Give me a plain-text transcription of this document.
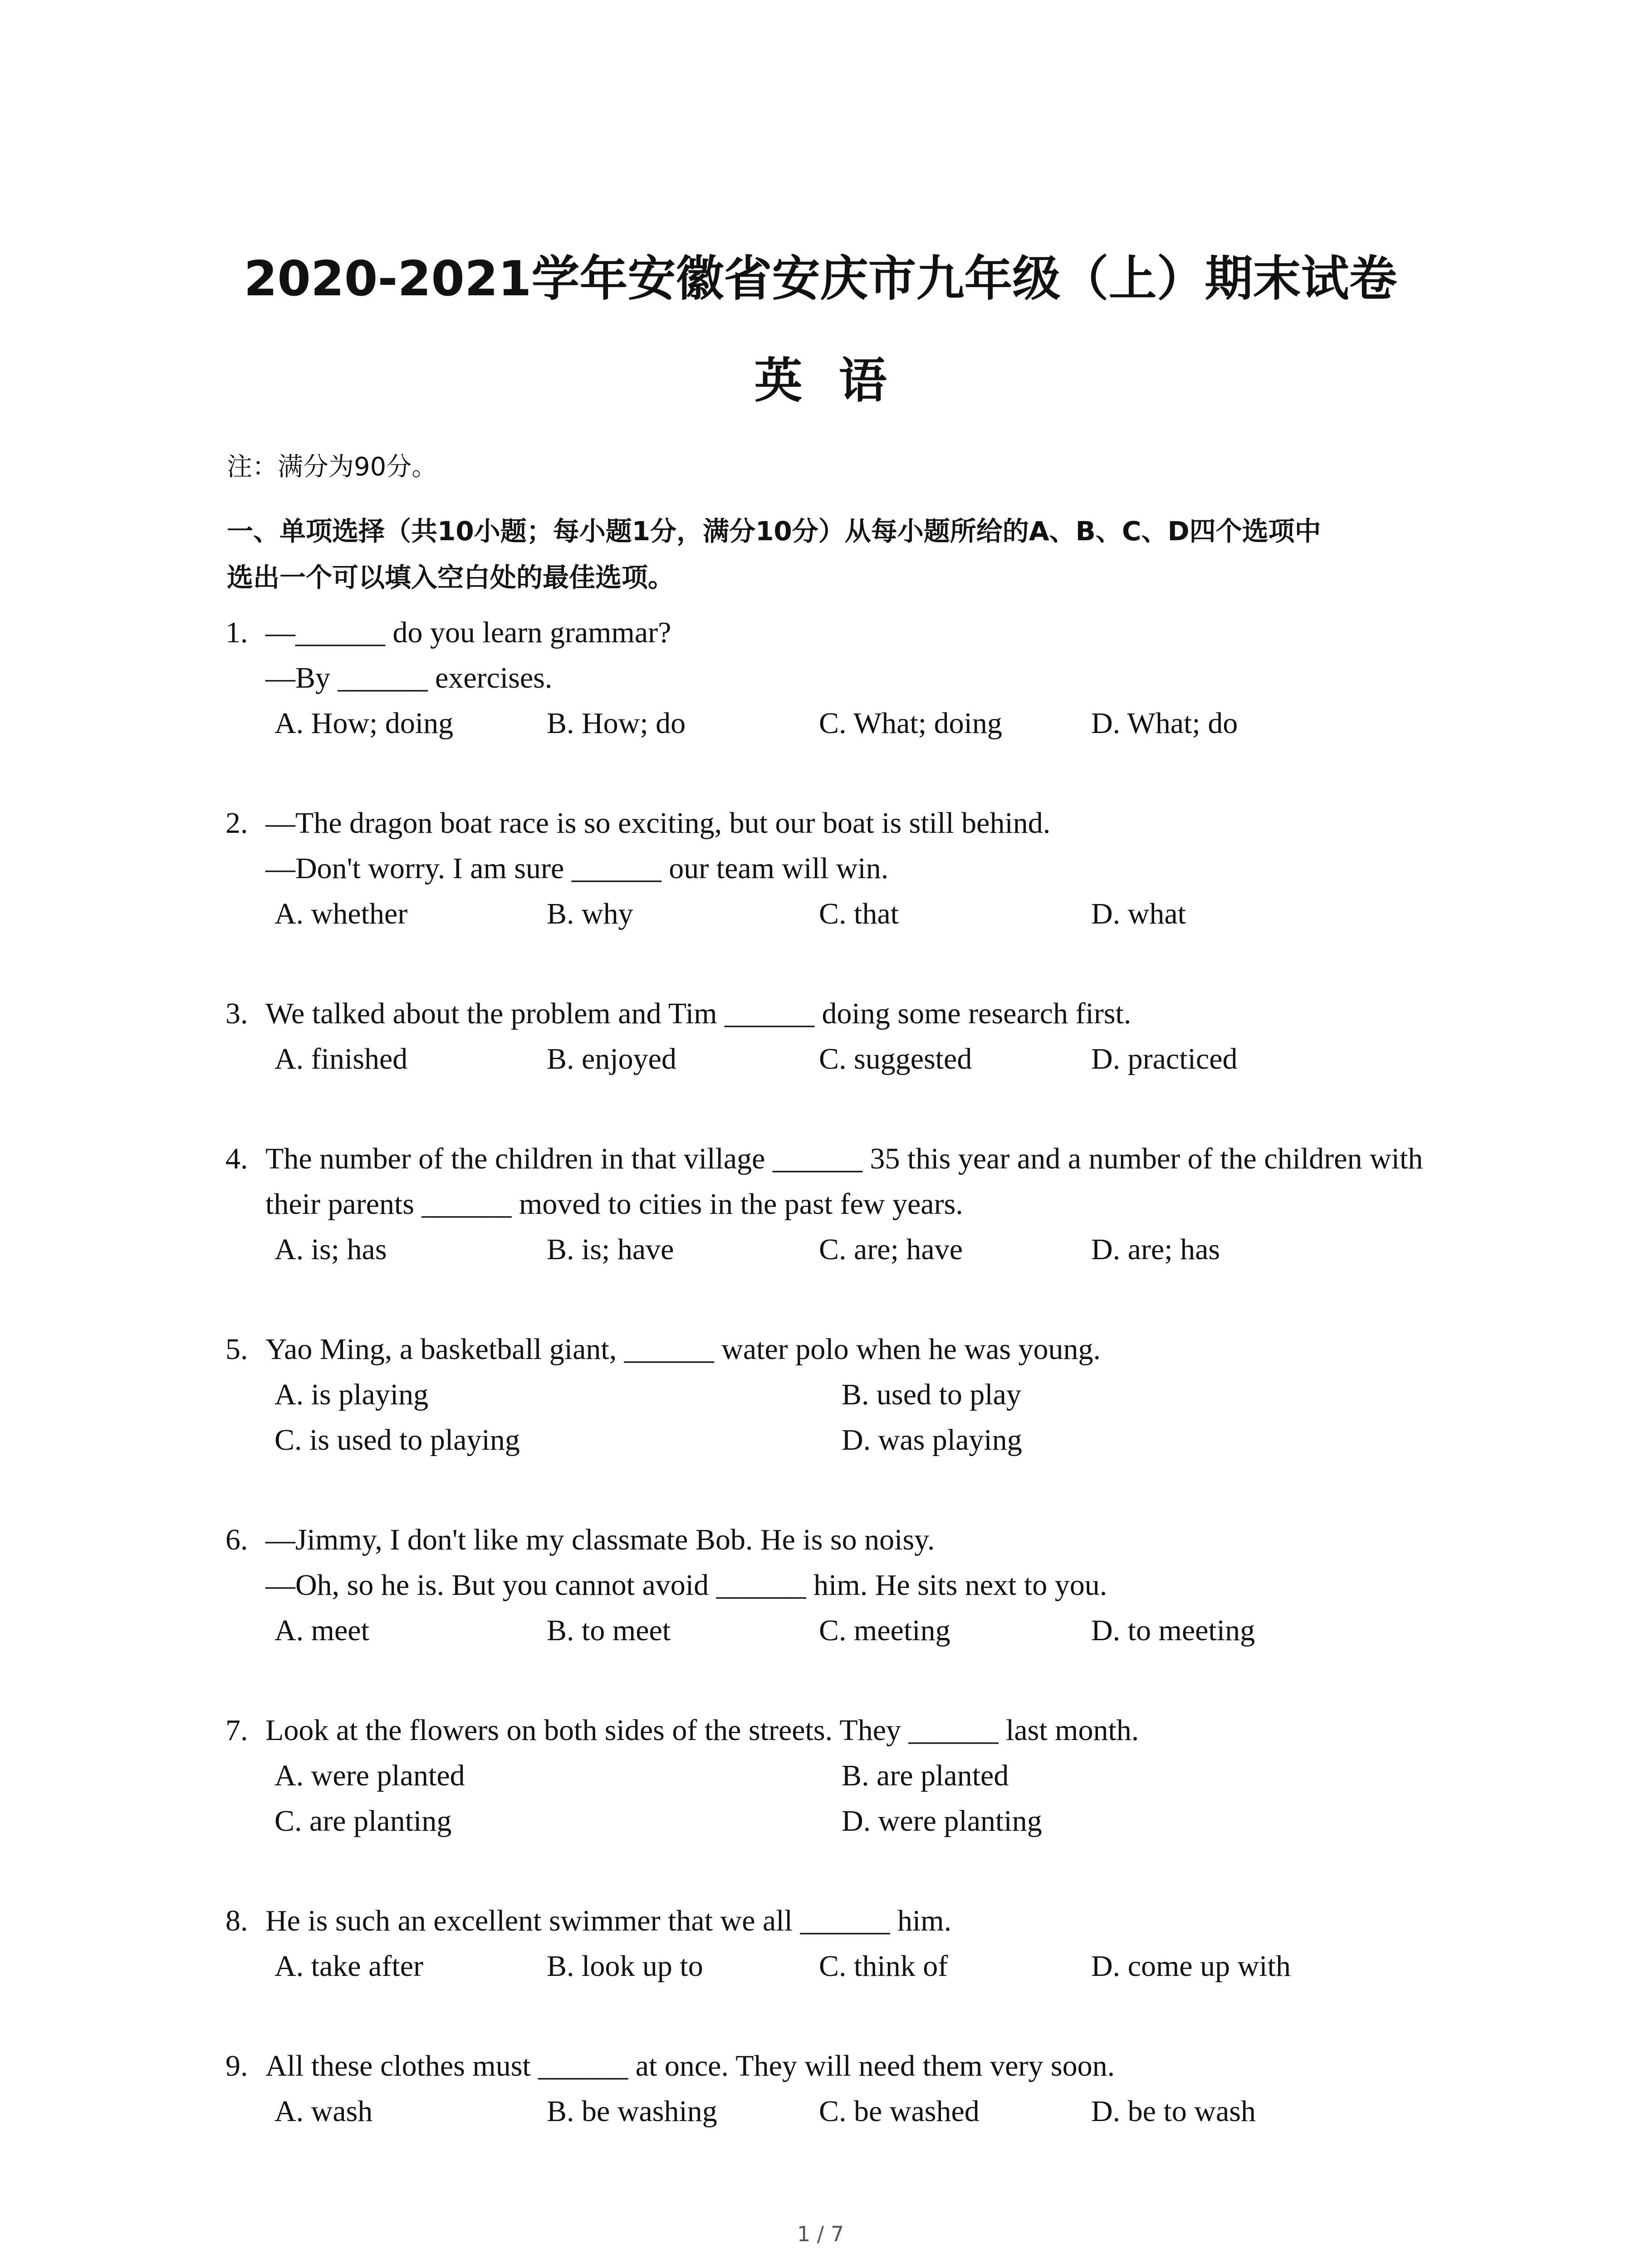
2020-2021学年安徽省安庆市九年级（上）期末试卷
英语
注：满分为90分。
一、单项选择（共10小题；每小题1分，满分10分）从每小题所给的A、B、C、D四个选项中
选出一个可以填入空白处的最佳选项。
1. —______ do you learn grammar?
—By ______ exercises.
A. How; doing	B. How; do	C. What; doing	D. What; do
2. —The dragon boat race is so exciting, but our boat is still behind.
—Don't worry. I am sure ______ our team will win.
A. whether	B. why	C. that	D. what
3. We talked about the problem and Tim ______ doing some research first.
A. finished	B. enjoyed	C. suggested	D. practiced
4. The number of the children in that village ______ 35 this year and a number of the children with
their parents ______ moved to cities in the past few years.
A. is; has	B. is; have	C. are; have	D. are; has
5. Yao Ming, a basketball giant, ______ water polo when he was young.
A. is playing	B. used to play
C. is used to playing	D. was playing
6. —Jimmy, I don't like my classmate Bob. He is so noisy.
—Oh, so he is. But you cannot avoid ______ him. He sits next to you.
A. meet	B. to meet	C. meeting	D. to meeting
7. Look at the flowers on both sides of the streets. They ______ last month.
A. were planted	B. are planted
C. are planting	D. were planting
8. He is such an excellent swimmer that we all ______ him.
A. take after	B. look up to	C. think of	D. come up with
9. All these clothes must ______ at once. They will need them very soon.
A. wash	B. be washing	C. be washed	D. be to wash
1 / 7
